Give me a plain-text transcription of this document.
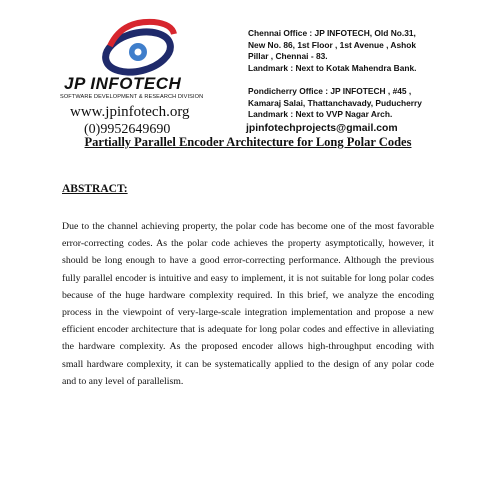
JP INFOTECH
SOFTWARE DEVELOPMENT & RESEARCH DIVISION
www.jpinfotech.org
(0)9952649690
Chennai Office : JP INFOTECH, Old No.31,
New No. 86, 1st Floor , 1st Avenue , Ashok
Pillar , Chennai - 83.
Landmark : Next to Kotak Mahendra Bank.
Pondicherry Office : JP INFOTECH , #45 ,
Kamaraj Salai, Thattanchavady, Puducherry
Landmark : Next to VVP Nagar Arch.
jpinfotechprojects@gmail.com
Partially Parallel Encoder Architecture for Long Polar Codes
ABSTRACT:
Due to the channel achieving property, the polar code has become one of the most favorable error-correcting codes. As the polar code achieves the property asymptotically, however, it should be long enough to have a good error-correcting performance. Although the previous fully parallel encoder is intuitive and easy to implement, it is not suitable for long polar codes because of the huge hardware complexity required. In this brief, we analyze the encoding process in the viewpoint of very-large-scale integration implementation and propose a new efficient encoder architecture that is adequate for long polar codes and effective in alleviating the hardware complexity. As the proposed encoder allows high-throughput encoding with small hardware complexity, it can be systematically applied to the design of any polar code and to any level of parallelism.
